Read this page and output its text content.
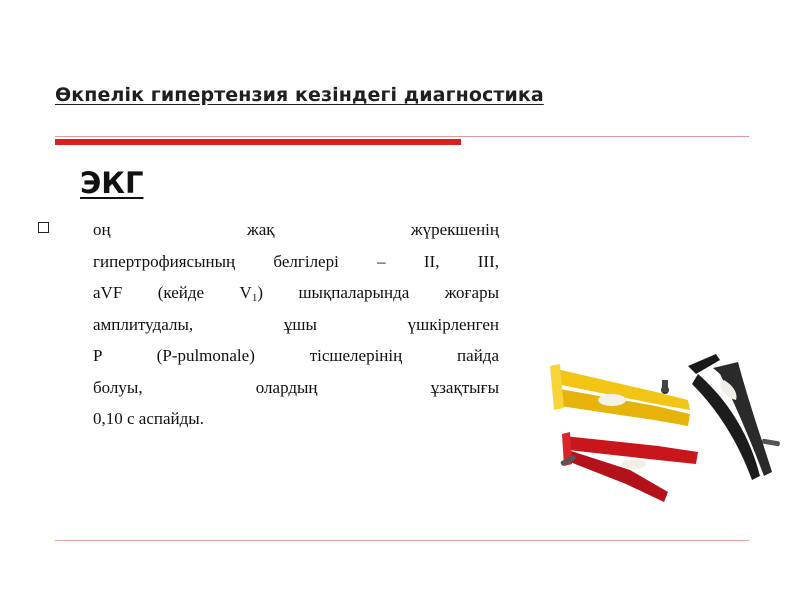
Өкпелік гипертензия кезіндегі диагностика
ЭКГ
оң жақ жүрекшенің
гипертрофиясының белгілері – II, III,
aVF (кейде $V_1$) шықпаларында жоғары
амплитудалы, ұшы үшкірленген
P (P-pulmonale) тісшелерінің пайда
болуы, олардың ұзақтығы
0,10 с аспайды.
